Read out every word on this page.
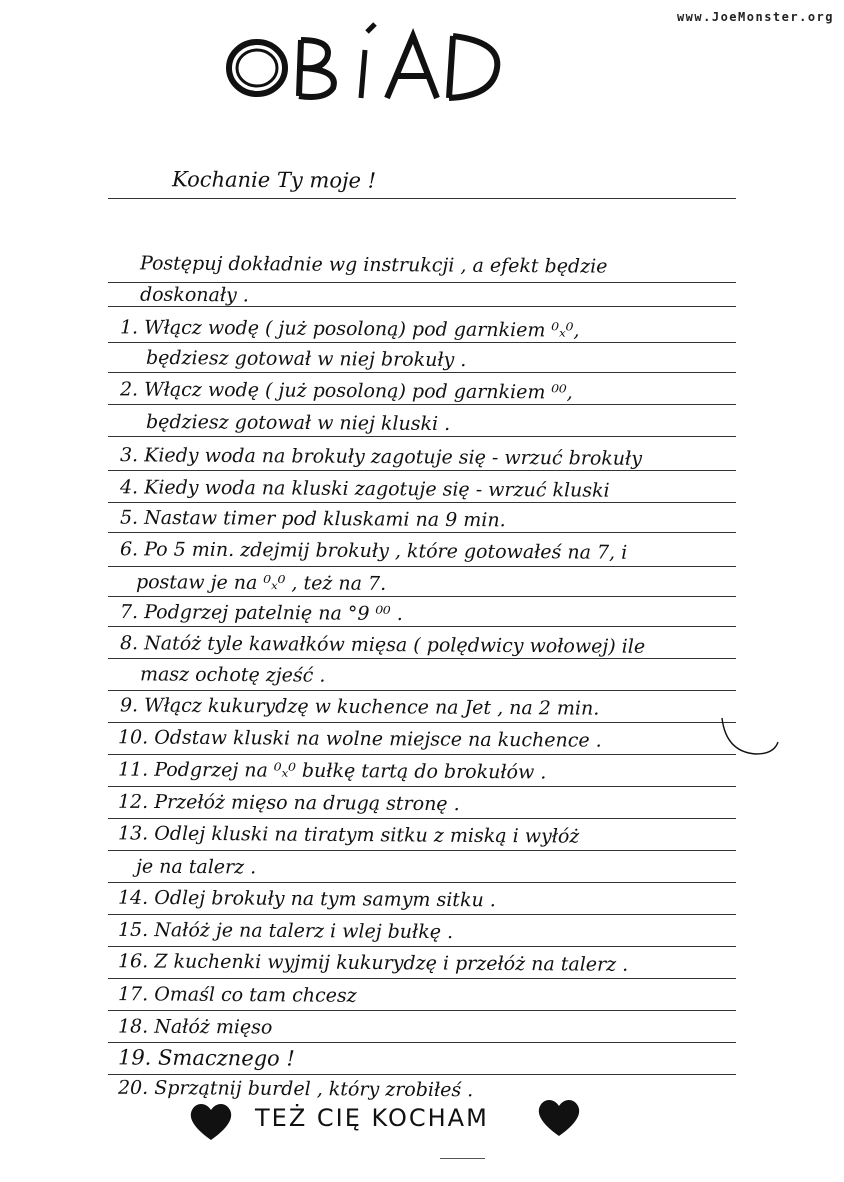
www.JoeMonster.org
Kochanie Ty moje !
Postępuj dokładnie wg instrukcji , a efekt będzie
doskonały .
1. Włącz wodę ( już posoloną) pod garnkiem ⁰ₓ⁰,
będziesz gotował w niej brokuły .
2. Włącz wodę ( już posoloną) pod garnkiem ⁰⁰,
będziesz gotował w niej kluski .
3. Kiedy woda na brokuły zagotuje się - wrzuć brokuły
4. Kiedy woda na kluski zagotuje się - wrzuć kluski
5. Nastaw timer pod kluskami na 9 min.
6. Po 5 min. zdejmij brokuły , które gotowałeś na 7, i
postaw je na ⁰ₓ⁰ , też na 7.
7. Podgrzej patelnię na °9 ⁰⁰ .
8. Natóż tyle kawałków mięsa ( polędwicy wołowej) ile
masz ochotę zjeść .
9. Włącz kukurydzę w kuchence na Jet , na 2 min.
10. Odstaw kluski na wolne miejsce na kuchence .
11. Podgrzej na ⁰ₓ⁰ bułkę tartą do brokułów .
12. Przełóż mięso na drugą stronę .
13. Odlej kluski na tiratym sitku z miską i wyłóż
je na talerz .
14. Odlej brokuły na tym samym sitku .
15. Nałóż je na talerz i wlej bułkę .
16. Z kuchenki wyjmij kukurydzę i przełóż na talerz .
17. Omaśl co tam chcesz
18. Nałóż mięso
19. Smacznego !
20. Sprzątnij burdel , który zrobiłeś .
TEŻ CIĘ KOCHAM
